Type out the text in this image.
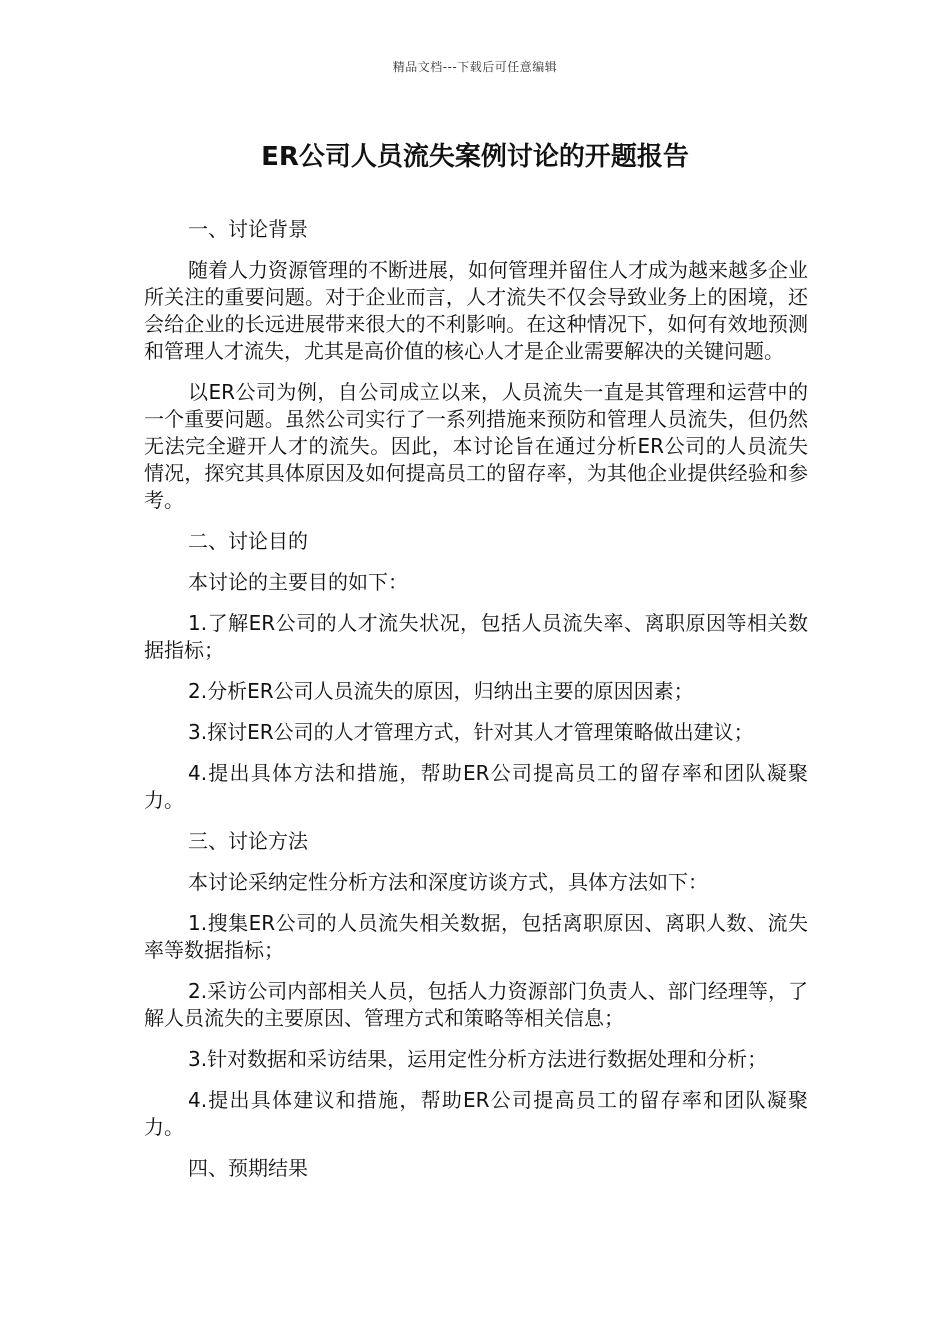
精品文档---下载后可任意编辑
ER公司人员流失案例讨论的开题报告

一、讨论背景

随着人力资源管理的不断进展，如何管理并留住人才成为越来越多企业所关注的重要问题。对于企业而言，人才流失不仅会导致业务上的困境，还会给企业的长远进展带来很大的不利影响。在这种情况下，如何有效地预测和管理人才流失，尤其是高价值的核心人才是企业需要解决的关键问题。

以ER公司为例，自公司成立以来，人员流失一直是其管理和运营中的一个重要问题。虽然公司实行了一系列措施来预防和管理人员流失，但仍然无法完全避开人才的流失。因此，本讨论旨在通过分析ER公司的人员流失情况，探究其具体原因及如何提高员工的留存率，为其他企业提供经验和参考。

二、讨论目的

本讨论的主要目的如下：

1.了解ER公司的人才流失状况，包括人员流失率、离职原因等相关数据指标；

2.分析ER公司人员流失的原因，归纳出主要的原因因素；

3.探讨ER公司的人才管理方式，针对其人才管理策略做出建议；

4.提出具体方法和措施，帮助ER公司提高员工的留存率和团队凝聚力。

三、讨论方法

本讨论采纳定性分析方法和深度访谈方式，具体方法如下：

1.搜集ER公司的人员流失相关数据，包括离职原因、离职人数、流失率等数据指标；

2.采访公司内部相关人员，包括人力资源部门负责人、部门经理等，了解人员流失的主要原因、管理方式和策略等相关信息；

3.针对数据和采访结果，运用定性分析方法进行数据处理和分析；

4.提出具体建议和措施，帮助ER公司提高员工的留存率和团队凝聚力。

四、预期结果
